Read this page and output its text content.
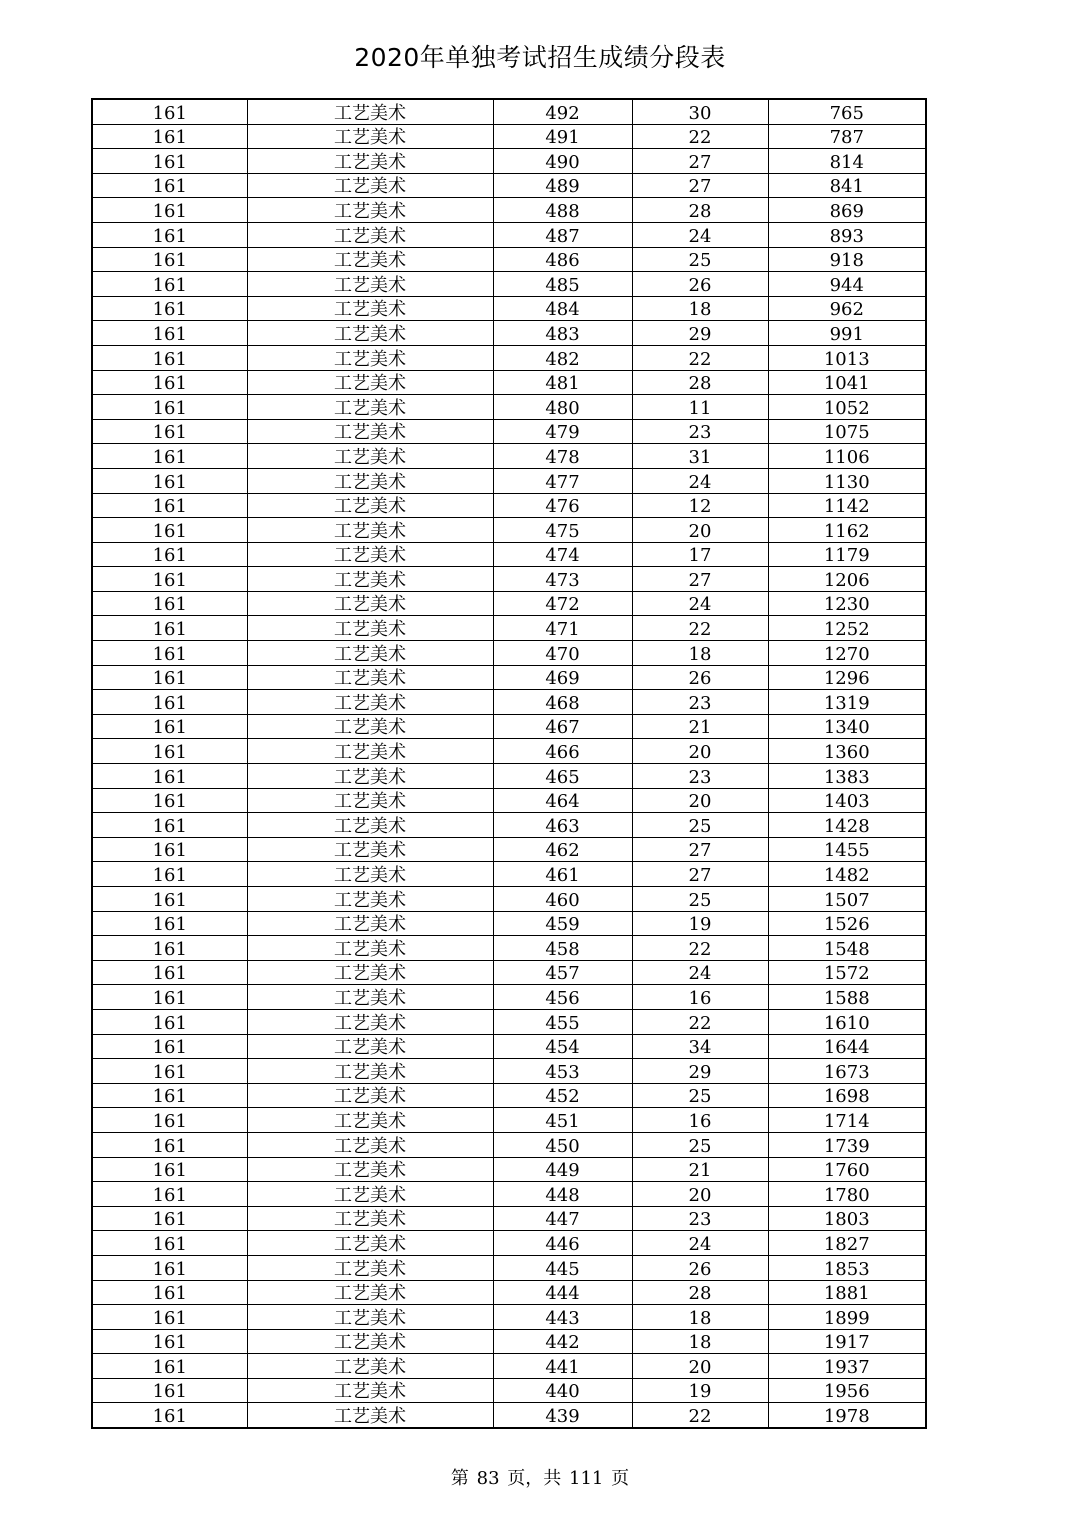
2020年单独考试招生成绩分段表
161	工艺美术	492	30	765
161	工艺美术	491	22	787
161	工艺美术	490	27	814
161	工艺美术	489	27	841
161	工艺美术	488	28	869
161	工艺美术	487	24	893
161	工艺美术	486	25	918
161	工艺美术	485	26	944
161	工艺美术	484	18	962
161	工艺美术	483	29	991
161	工艺美术	482	22	1013
161	工艺美术	481	28	1041
161	工艺美术	480	11	1052
161	工艺美术	479	23	1075
161	工艺美术	478	31	1106
161	工艺美术	477	24	1130
161	工艺美术	476	12	1142
161	工艺美术	475	20	1162
161	工艺美术	474	17	1179
161	工艺美术	473	27	1206
161	工艺美术	472	24	1230
161	工艺美术	471	22	1252
161	工艺美术	470	18	1270
161	工艺美术	469	26	1296
161	工艺美术	468	23	1319
161	工艺美术	467	21	1340
161	工艺美术	466	20	1360
161	工艺美术	465	23	1383
161	工艺美术	464	20	1403
161	工艺美术	463	25	1428
161	工艺美术	462	27	1455
161	工艺美术	461	27	1482
161	工艺美术	460	25	1507
161	工艺美术	459	19	1526
161	工艺美术	458	22	1548
161	工艺美术	457	24	1572
161	工艺美术	456	16	1588
161	工艺美术	455	22	1610
161	工艺美术	454	34	1644
161	工艺美术	453	29	1673
161	工艺美术	452	25	1698
161	工艺美术	451	16	1714
161	工艺美术	450	25	1739
161	工艺美术	449	21	1760
161	工艺美术	448	20	1780
161	工艺美术	447	23	1803
161	工艺美术	446	24	1827
161	工艺美术	445	26	1853
161	工艺美术	444	28	1881
161	工艺美术	443	18	1899
161	工艺美术	442	18	1917
161	工艺美术	441	20	1937
161	工艺美术	440	19	1956
161	工艺美术	439	22	1978
第 83 页，共 111 页
